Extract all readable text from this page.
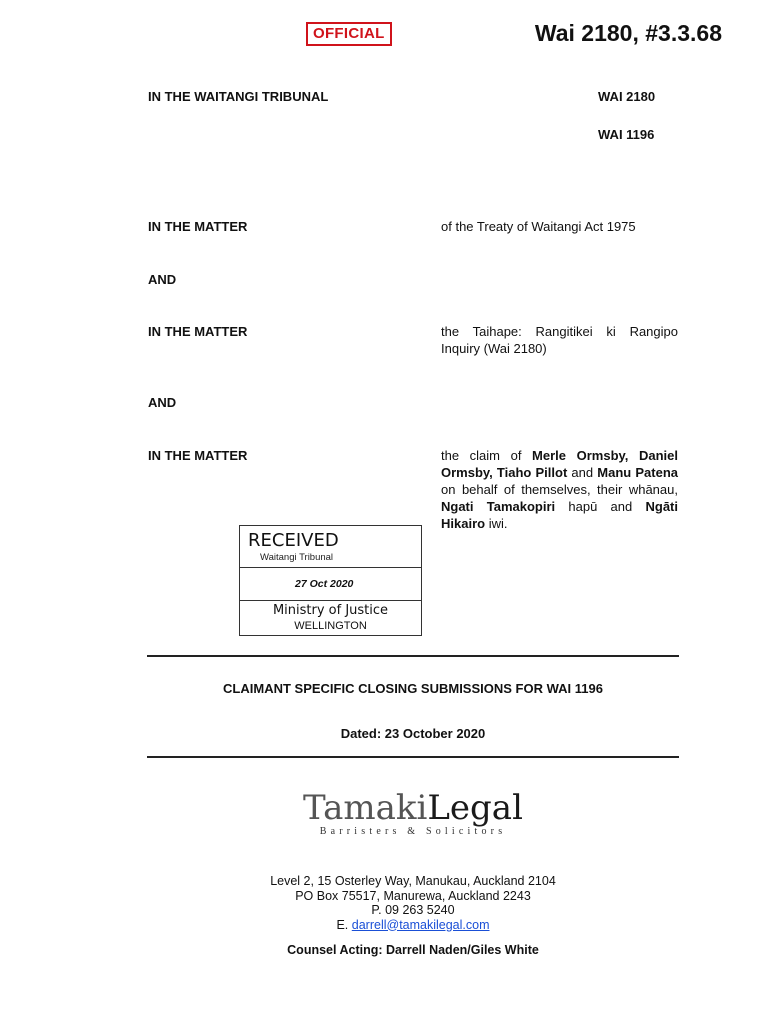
OFFICIAL	Wai 2180, #3.3.68
IN THE WAITANGI TRIBUNAL	WAI 2180
WAI 1196
IN THE MATTER	of the Treaty of Waitangi Act 1975
AND
IN THE MATTER	the Taihape: Rangitikei ki Rangipo
Inquiry (Wai 2180)
AND
IN THE MATTER	the claim of Merle Ormsby, Daniel Ormsby, Tiaho Pillot and Manu Patena on behalf of themselves, their whānau, Ngati Tamakopiri hapū and Ngāti Hikairo iwi.
RECEIVED
Waitangi Tribunal
27 Oct 2020
Ministry of Justice
WELLINGTON
CLAIMANT SPECIFIC CLOSING SUBMISSIONS FOR WAI 1196
Dated: 23 October 2020
TamakiLegal
Barristers & Solicitors
Level 2, 15 Osterley Way, Manukau, Auckland 2104
PO Box 75517, Manurewa, Auckland 2243
P. 09 263 5240
E. darrell@tamakilegal.com
Counsel Acting: Darrell Naden/Giles White
